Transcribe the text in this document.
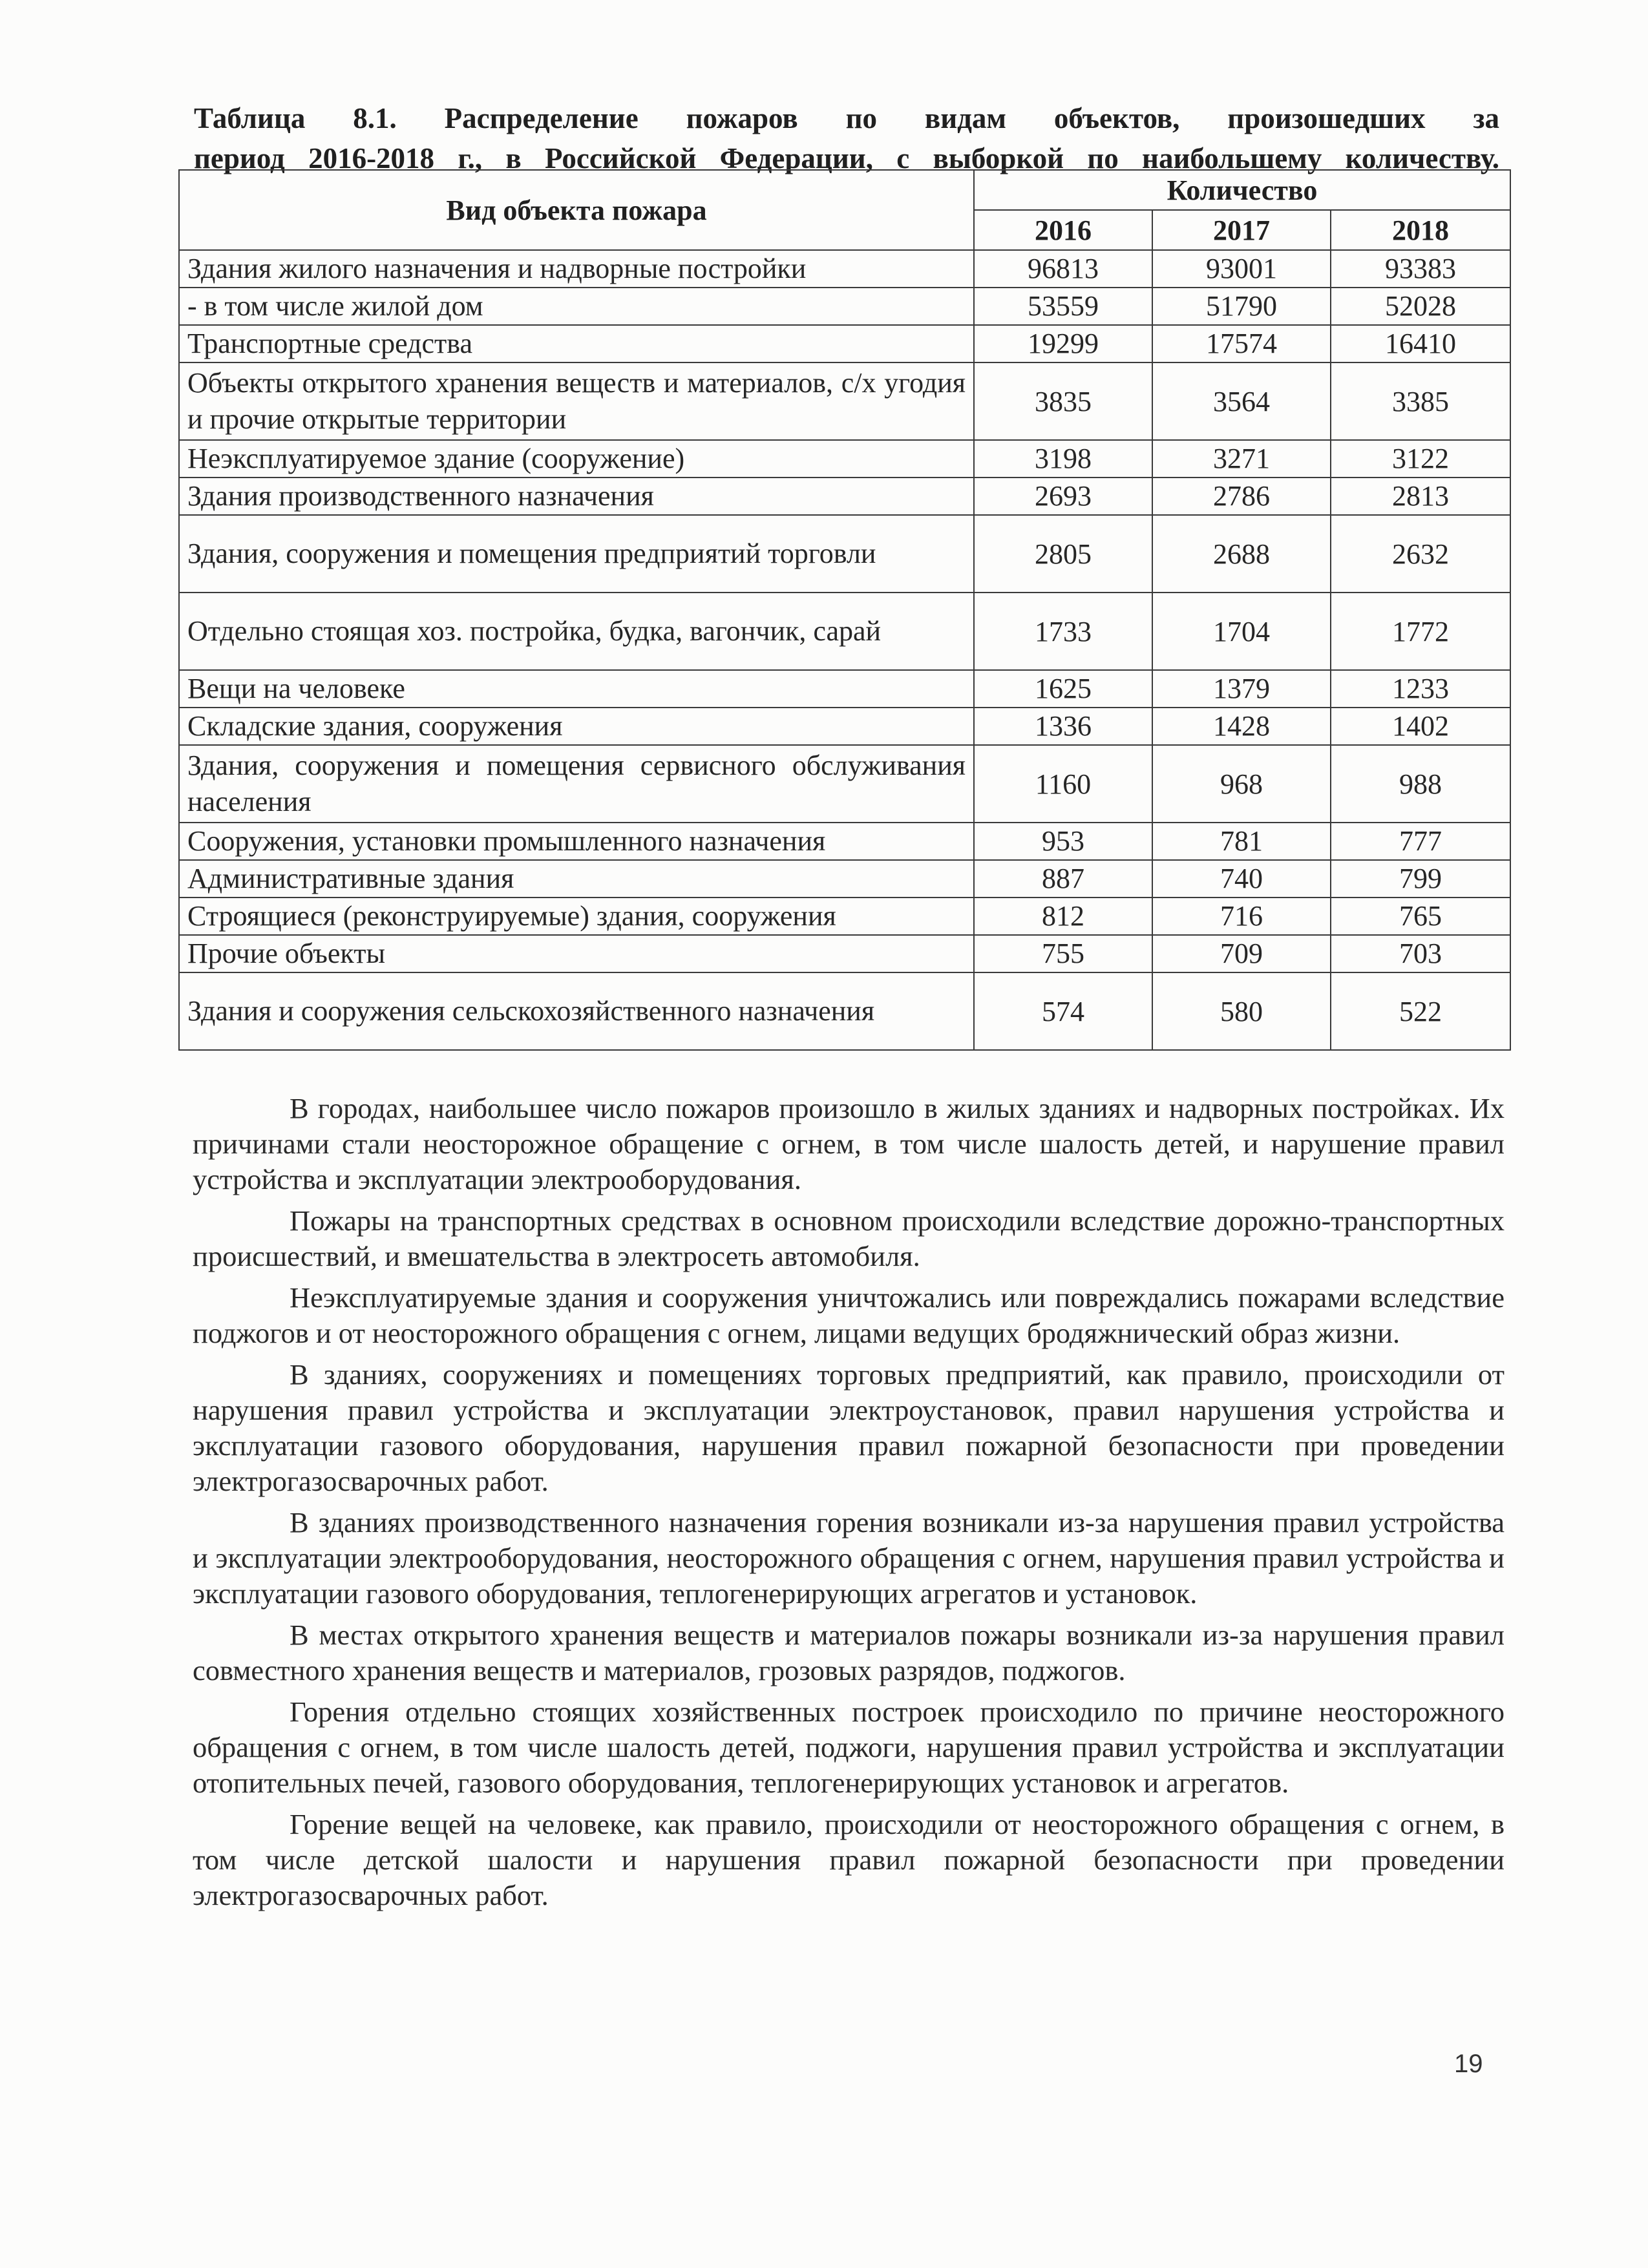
Таблица 8.1. Распределение пожаров по видам объектов, произошедших за
период 2016-2018 г., в Российской Федерации, с выборкой по наибольшему количеству.
Вид объекта пожара	Количество		
	2016	2017	2018
Здания жилого назначения и надворные постройки	96813	93001	93383
- в том числе жилой дом	53559	51790	52028
Транспортные средства	19299	17574	16410
Объекты открытого хранения веществ и материалов, с/х угодия и прочие открытые территории	3835	3564	3385
Неэксплуатируемое здание (сооружение)	3198	3271	3122
Здания производственного назначения	2693	2786	2813
Здания, сооружения и помещения предприятий торговли	2805	2688	2632
Отдельно стоящая хоз. постройка, будка, вагончик, сарай	1733	1704	1772
Вещи на человеке	1625	1379	1233
Складские здания, сооружения	1336	1428	1402
Здания, сооружения и помещения сервисного обслуживания населения	1160	968	988
Сооружения, установки промышленного назначения	953	781	777
Административные здания	887	740	799
Строящиеся (реконструируемые) здания, сооружения	812	716	765
Прочие объекты	755	709	703
Здания и сооружения сельскохозяйственного назначения	574	580	522

В городах, наибольшее число пожаров произошло в жилых зданиях и надворных постройках. Их причинами стали неосторожное обращение с огнем, в том числе шалость детей, и нарушение правил устройства и эксплуатации электрооборудования.

Пожары на транспортных средствах в основном происходили вследствие дорожно-транспортных происшествий, и вмешательства в электросеть автомобиля.

Неэксплуатируемые здания и сооружения уничтожались или повреждались пожарами вследствие поджогов и от неосторожного обращения с огнем, лицами ведущих бродяжнический образ жизни.

В зданиях, сооружениях и помещениях торговых предприятий, как правило, происходили от нарушения правил устройства и эксплуатации электроустановок, правил нарушения устройства и эксплуатации газового оборудования, нарушения правил пожарной безопасности при проведении электрогазосварочных работ.

В зданиях производственного назначения горения возникали из-за нарушения правил устройства и эксплуатации электрооборудования, неосторожного обращения с огнем, нарушения правил устройства и эксплуатации газового оборудования, теплогенерирующих агрегатов и установок.

В местах открытого хранения веществ и материалов пожары возникали из-за нарушения правил совместного хранения веществ и материалов, грозовых разрядов, поджогов.

Горения отдельно стоящих хозяйственных построек происходило по причине неосторожного обращения с огнем, в том числе шалость детей, поджоги, нарушения правил устройства и эксплуатации отопительных печей, газового оборудования, теплогенерирующих установок и агрегатов.

Горение вещей на человеке, как правило, происходили от неосторожного обращения с огнем, в том числе детской шалости и нарушения правил пожарной безопасности при проведении электрогазосварочных работ.

19
